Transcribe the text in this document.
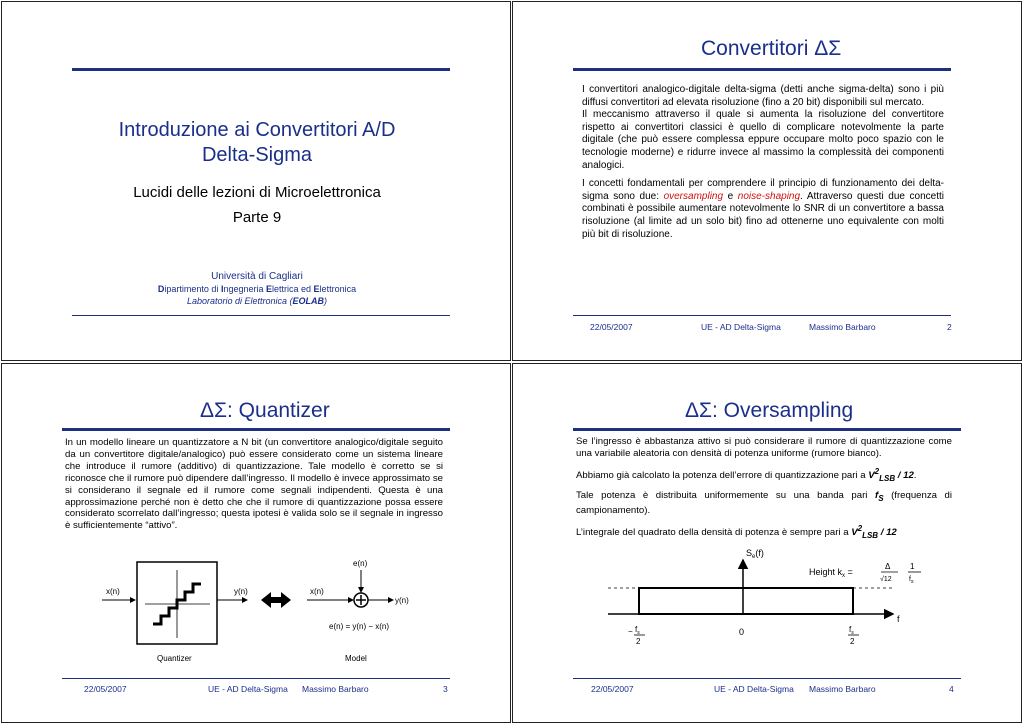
Introduzione ai Convertitori A/D
Delta-Sigma
Lucidi delle lezioni di Microelettronica
Parte 9
Università di Cagliari
Dipartimento di Ingegneria Elettrica ed Elettronica
Laboratorio di Elettronica (EOLAB)
Convertitori ΔΣ

I convertitori analogico-digitale delta-sigma (detti anche sigma-delta) sono i più diffusi convertitori ad elevata risoluzione (fino a 20 bit) disponibili sul mercato.

Il meccanismo attraverso il quale si aumenta la risoluzione del convertitore rispetto ai convertitori classici è quello di complicare notevolmente la parte digitale (che può essere complessa eppure occupare molto poco spazio con le tecnologie moderne) e ridurre invece al massimo la complessità dei componenti analogici.

I concetti fondamentali per comprendere il principio di funzionamento dei delta-sigma sono due: oversampling e noise-shaping. Attraverso questi due concetti combinati è possibile aumentare notevolmente lo SNR di un convertitore a bassa risoluzione (al limite ad un solo bit) fino ad ottenerne uno equivalente con molti più bit di risoluzione.

22/05/2007	UE - AD Delta-Sigma	Massimo Barbaro	2
ΔΣ: Quantizer
In un modello lineare un quantizzatore a N bit (un convertitore analogico/digitale seguito da un convertitore digitale/analogico) può essere considerato come un sistema lineare che introduce il rumore (additivo) di quantizzazione. Tale modello è corretto se si riconosce che il rumore può dipendere dall’ingresso. Il modello è invece approssimato se si considerano il segnale ed il rumore come segnali indipendenti. Questa è una approssimazione perché non è detto che che il rumore di quantizzazione possa essere considerato scorrelato dall’ingresso; questa ipotesi è valida solo se il segnale in ingresso è sufficientemente “attivo”.
x(n)	y(n)
Quantizer
e(n)
x(n)
y(n)
e(n) = y(n) − x(n)
Model
22/05/2007	UE - AD Delta-Sigma Massimo Barbaro	3
ΔΣ: Oversampling

Se l’ingresso è abbastanza attivo si può considerare il rumore di quantizzazione come una variabile aleatoria con densità di potenza uniforme (rumore bianco).

Abbiamo già calcolato la potenza dell’errore di quantizzazione pari a $V^2_{LSB} / 12$.

Tale potenza è distribuita uniformemente su una banda pari $f_S$ (frequenza di campionamento).

L’integrale del quadrato della densità di potenza è sempre pari a $V^2_{LSB} / 12$

$S_e(f)$
f
0
− $f_s$
2
$f_s$
2
Height $k_x$ =
Δ
√12
1
$f_s$
22/05/2007	UE - AD Delta-Sigma Massimo Barbaro	4
